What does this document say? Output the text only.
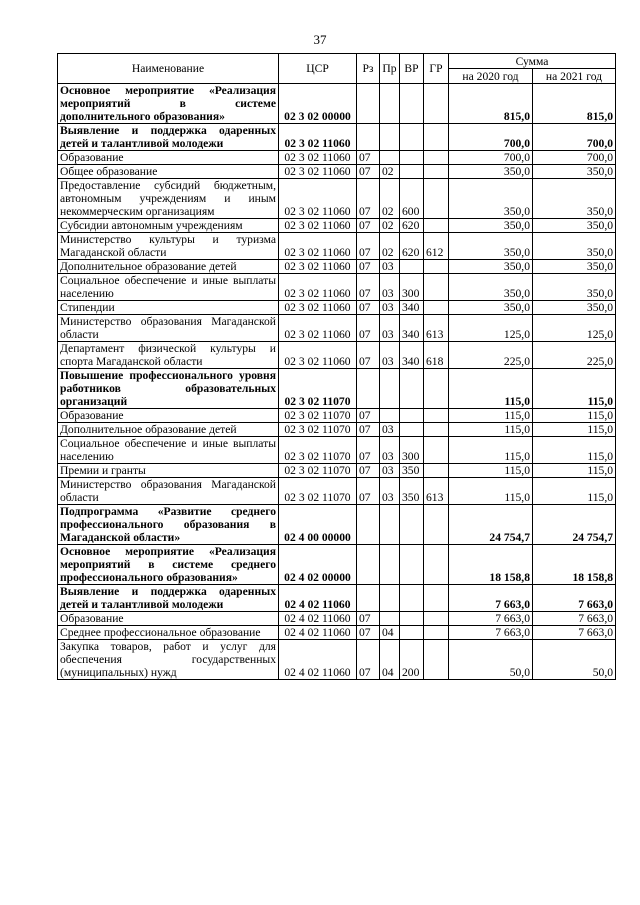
37
Наименование	ЦСР	Рз	Пр	ВР	ГР	Сумма	
						на 2020 год	на 2021 год
Основное мероприятие «Реализация мероприятий в системе дополнительного образования»	02 3 02 00000					815,0	815,0
Выявление и поддержка одаренных детей и талантливой молодежи	02 3 02 11060					700,0	700,0
Образование	02 3 02 11060	07				700,0	700,0
Общее образование	02 3 02 11060	07	02			350,0	350,0
Предоставление субсидий бюджетным, автономным учреждениям и иным некоммерческим организациям	02 3 02 11060	07	02	600		350,0	350,0
Субсидии автономным учреждениям	02 3 02 11060	07	02	620		350,0	350,0
Министерство культуры и туризма Магаданской области	02 3 02 11060	07	02	620	612	350,0	350,0
Дополнительное образование детей	02 3 02 11060	07	03			350,0	350,0
Социальное обеспечение и иные выплаты населению	02 3 02 11060	07	03	300		350,0	350,0
Стипендии	02 3 02 11060	07	03	340		350,0	350,0
Министерство образования Магаданской области	02 3 02 11060	07	03	340	613	125,0	125,0
Департамент физической культуры и спорта Магаданской области	02 3 02 11060	07	03	340	618	225,0	225,0
Повышение профессионального уровня работников образовательных организаций	02 3 02 11070					115,0	115,0
Образование	02 3 02 11070	07				115,0	115,0
Дополнительное образование детей	02 3 02 11070	07	03			115,0	115,0
Социальное обеспечение и иные выплаты населению	02 3 02 11070	07	03	300		115,0	115,0
Премии и гранты	02 3 02 11070	07	03	350		115,0	115,0
Министерство образования Магаданской области	02 3 02 11070	07	03	350	613	115,0	115,0
Подпрограмма «Развитие среднего профессионального образования в Магаданской области»	02 4 00 00000					24 754,7	24 754,7
Основное мероприятие «Реализация мероприятий в системе среднего профессионального образования»	02 4 02 00000					18 158,8	18 158,8
Выявление и поддержка одаренных детей и талантливой молодежи	02 4 02 11060					7 663,0	7 663,0
Образование	02 4 02 11060	07				7 663,0	7 663,0
Среднее профессиональное образование	02 4 02 11060	07	04			7 663,0	7 663,0
Закупка товаров, работ и услуг для обеспечения государственных (муниципальных) нужд	02 4 02 11060	07	04	200		50,0	50,0
